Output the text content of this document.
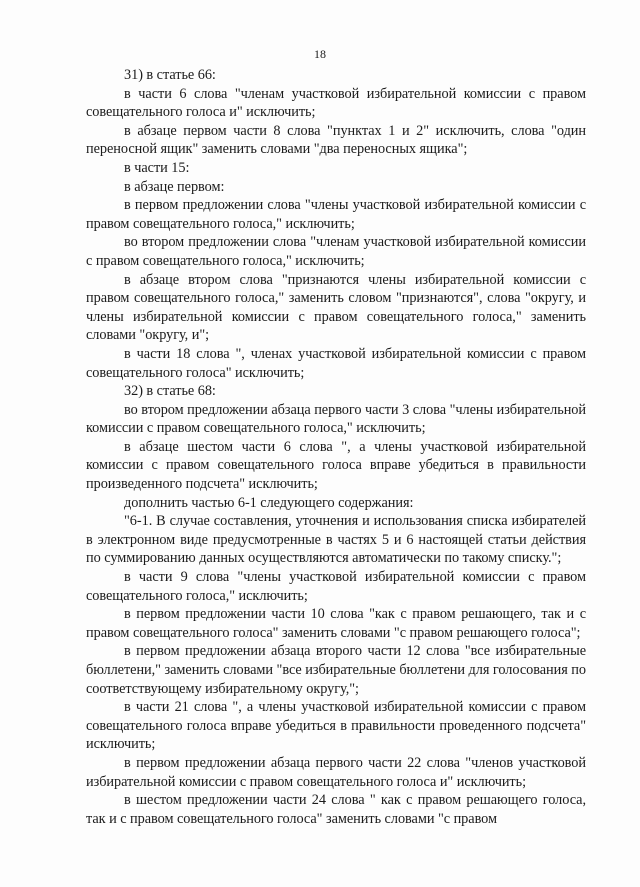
18

31) в статье 66:

в части 6 слова "членам участковой избирательной комиссии с правом совещательного голоса и" исключить;

в абзаце первом части 8 слова "пунктах 1 и 2" исключить, слова "один переносной ящик" заменить словами "два переносных ящика";

в части 15:

в абзаце первом:

в первом предложении слова "члены участковой избирательной комиссии с правом совещательного голоса," исключить;

во втором предложении слова "членам участковой избирательной комиссии с правом совещательного голоса," исключить;

в абзаце втором слова "признаются члены избирательной комиссии с правом совещательного голоса," заменить словом "признаются", слова "округу, и члены избирательной комиссии с правом совещательного голоса," заменить словами "округу, и";

в части 18 слова ", членах участковой избирательной комиссии с правом совещательного голоса" исключить;

32) в статье 68:

во втором предложении абзаца первого части 3 слова "члены избирательной комиссии с правом совещательного голоса," исключить;

в абзаце шестом части 6 слова ", а члены участковой избирательной комиссии с правом совещательного голоса вправе убедиться в правильности произведенного подсчета" исключить;

дополнить частью 6-1 следующего содержания:

"6-1. В случае составления, уточнения и использования списка избирателей в электронном виде предусмотренные в частях 5 и 6 настоящей статьи действия по суммированию данных осуществляются автоматически по такому списку.";

в части 9 слова "члены участковой избирательной комиссии с правом совещательного голоса," исключить;

в первом предложении части 10 слова "как с правом решающего, так и с правом совещательного голоса" заменить словами "с правом решающего голоса";

в первом предложении абзаца второго части 12 слова "все избирательные бюллетени," заменить словами "все избирательные бюллетени для голосования по соответствующему избирательному округу,";

в части 21 слова ", а члены участковой избирательной комиссии с правом совещательного голоса вправе убедиться в правильности проведенного подсчета" исключить;

в первом предложении абзаца первого части 22 слова "членов участковой избирательной комиссии с правом совещательного голоса и" исключить;

в шестом предложении части 24 слова " как с правом решающего голоса, так и с правом совещательного голоса" заменить словами "с правом
